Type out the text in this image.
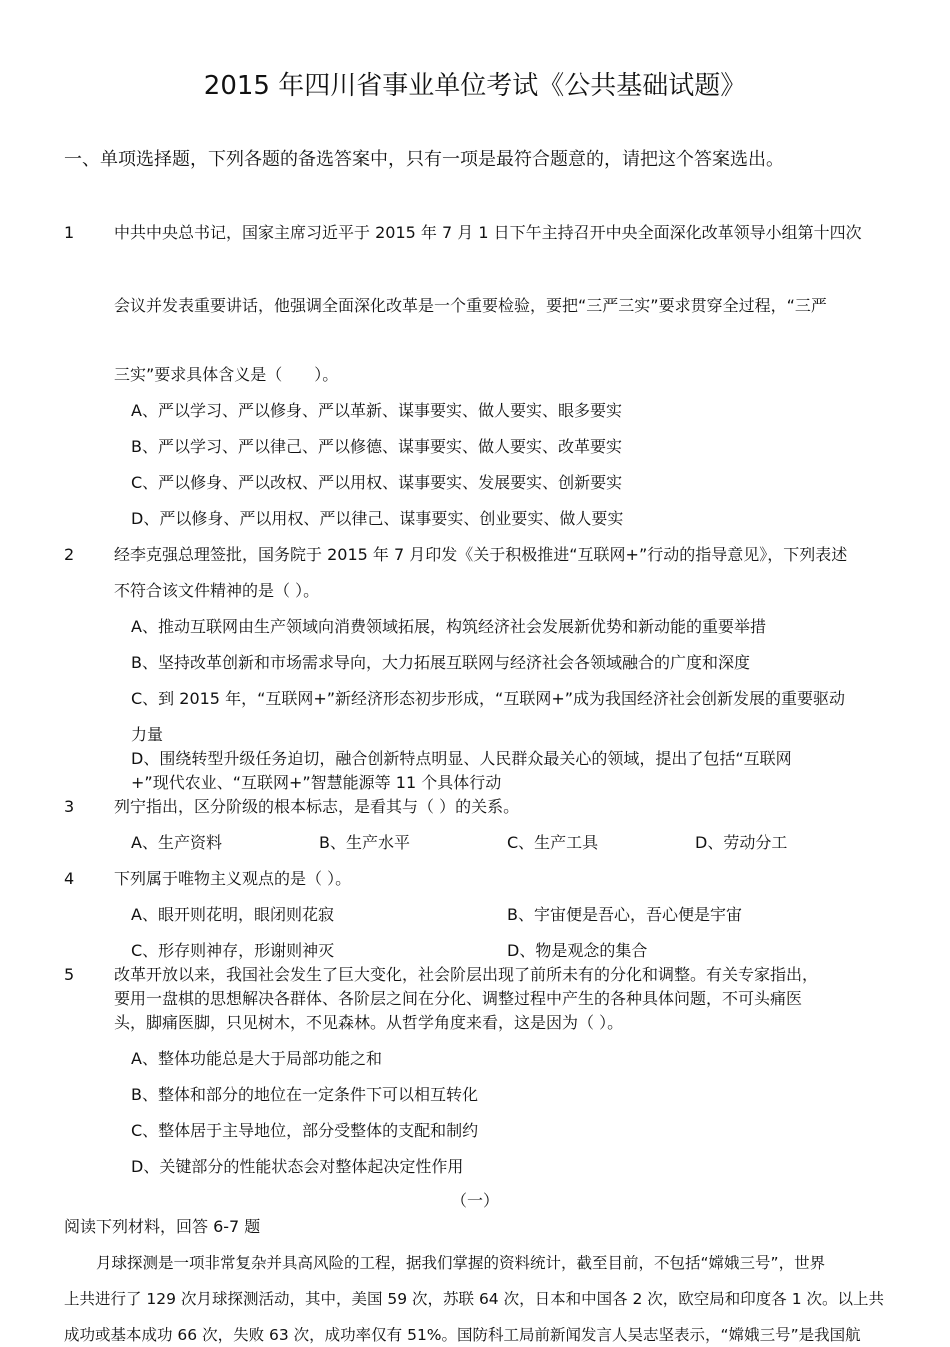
2015 年四川省事业单位考试《公共基础试题》
一、单项选择题，下列各题的备选答案中，只有一项是最符合题意的，请把这个答案选出。
1 中共中央总书记，国家主席习近平于 2015 年 7 月 1 日下午主持召开中央全面深化改革领导小组第十四次
会议并发表重要讲话，他强调全面深化改革是一个重要检验，要把“三严三实”要求贯穿全过程，“三严
三实”要求具体含义是（　　）。
A、严以学习、严以修身、严以革新、谋事要实、做人要实、眼多要实
B、严以学习、严以律己、严以修德、谋事要实、做人要实、改革要实
C、严以修身、严以改权、严以用权、谋事要实、发展要实、创新要实
D、严以修身、严以用权、严以律己、谋事要实、创业要实、做人要实
2 经李克强总理签批，国务院于 2015 年 7 月印发《关于积极推进“互联网+”行动的指导意见》，下列表述
不符合该文件精神的是（ ）。
A、推动互联网由生产领域向消费领域拓展，构筑经济社会发展新优势和新动能的重要举措
B、坚持改革创新和市场需求导向，大力拓展互联网与经济社会各领域融合的广度和深度
C、到 2015 年，“互联网+”新经济形态初步形成，“互联网+”成为我国经济社会创新发展的重要驱动
力量
D、围绕转型升级任务迫切，融合创新特点明显、人民群众最关心的领域，提出了包括“互联网
+”现代农业、“互联网+”智慧能源等 11 个具体行动
3 列宁指出，区分阶级的根本标志，是看其与（ ）的关系。
A、生产资料	B、生产水平	C、生产工具	D、劳动分工
4 下列属于唯物主义观点的是（ ）。
A、眼开则花明，眼闭则花寂	B、宇宙便是吾心，吾心便是宇宙
C、形存则神存，形谢则神灭	D、物是观念的集合
5 改革开放以来，我国社会发生了巨大变化，社会阶层出现了前所未有的分化和调整。有关专家指出，
要用一盘棋的思想解决各群体、各阶层之间在分化、调整过程中产生的各种具体问题，不可头痛医
头，脚痛医脚，只见树木，不见森林。从哲学角度来看，这是因为（ ）。
A、整体功能总是大于局部功能之和
B、整体和部分的地位在一定条件下可以相互转化
C、整体居于主导地位，部分受整体的支配和制约
D、关键部分的性能状态会对整体起决定性作用
（一）
阅读下列材料，回答 6-7 题
月球探测是一项非常复杂并具高风险的工程，据我们掌握的资料统计，截至目前，不包括“嫦娥三号”，世界
上共进行了 129 次月球探测活动，其中，美国 59 次，苏联 64 次，日本和中国各 2 次，欧空局和印度各 1 次。以上共
成功或基本成功 66 次，失败 63 次，成功率仅有 51%。国防科工局前新闻发言人吴志坚表示，“嫦娥三号”是我国航
